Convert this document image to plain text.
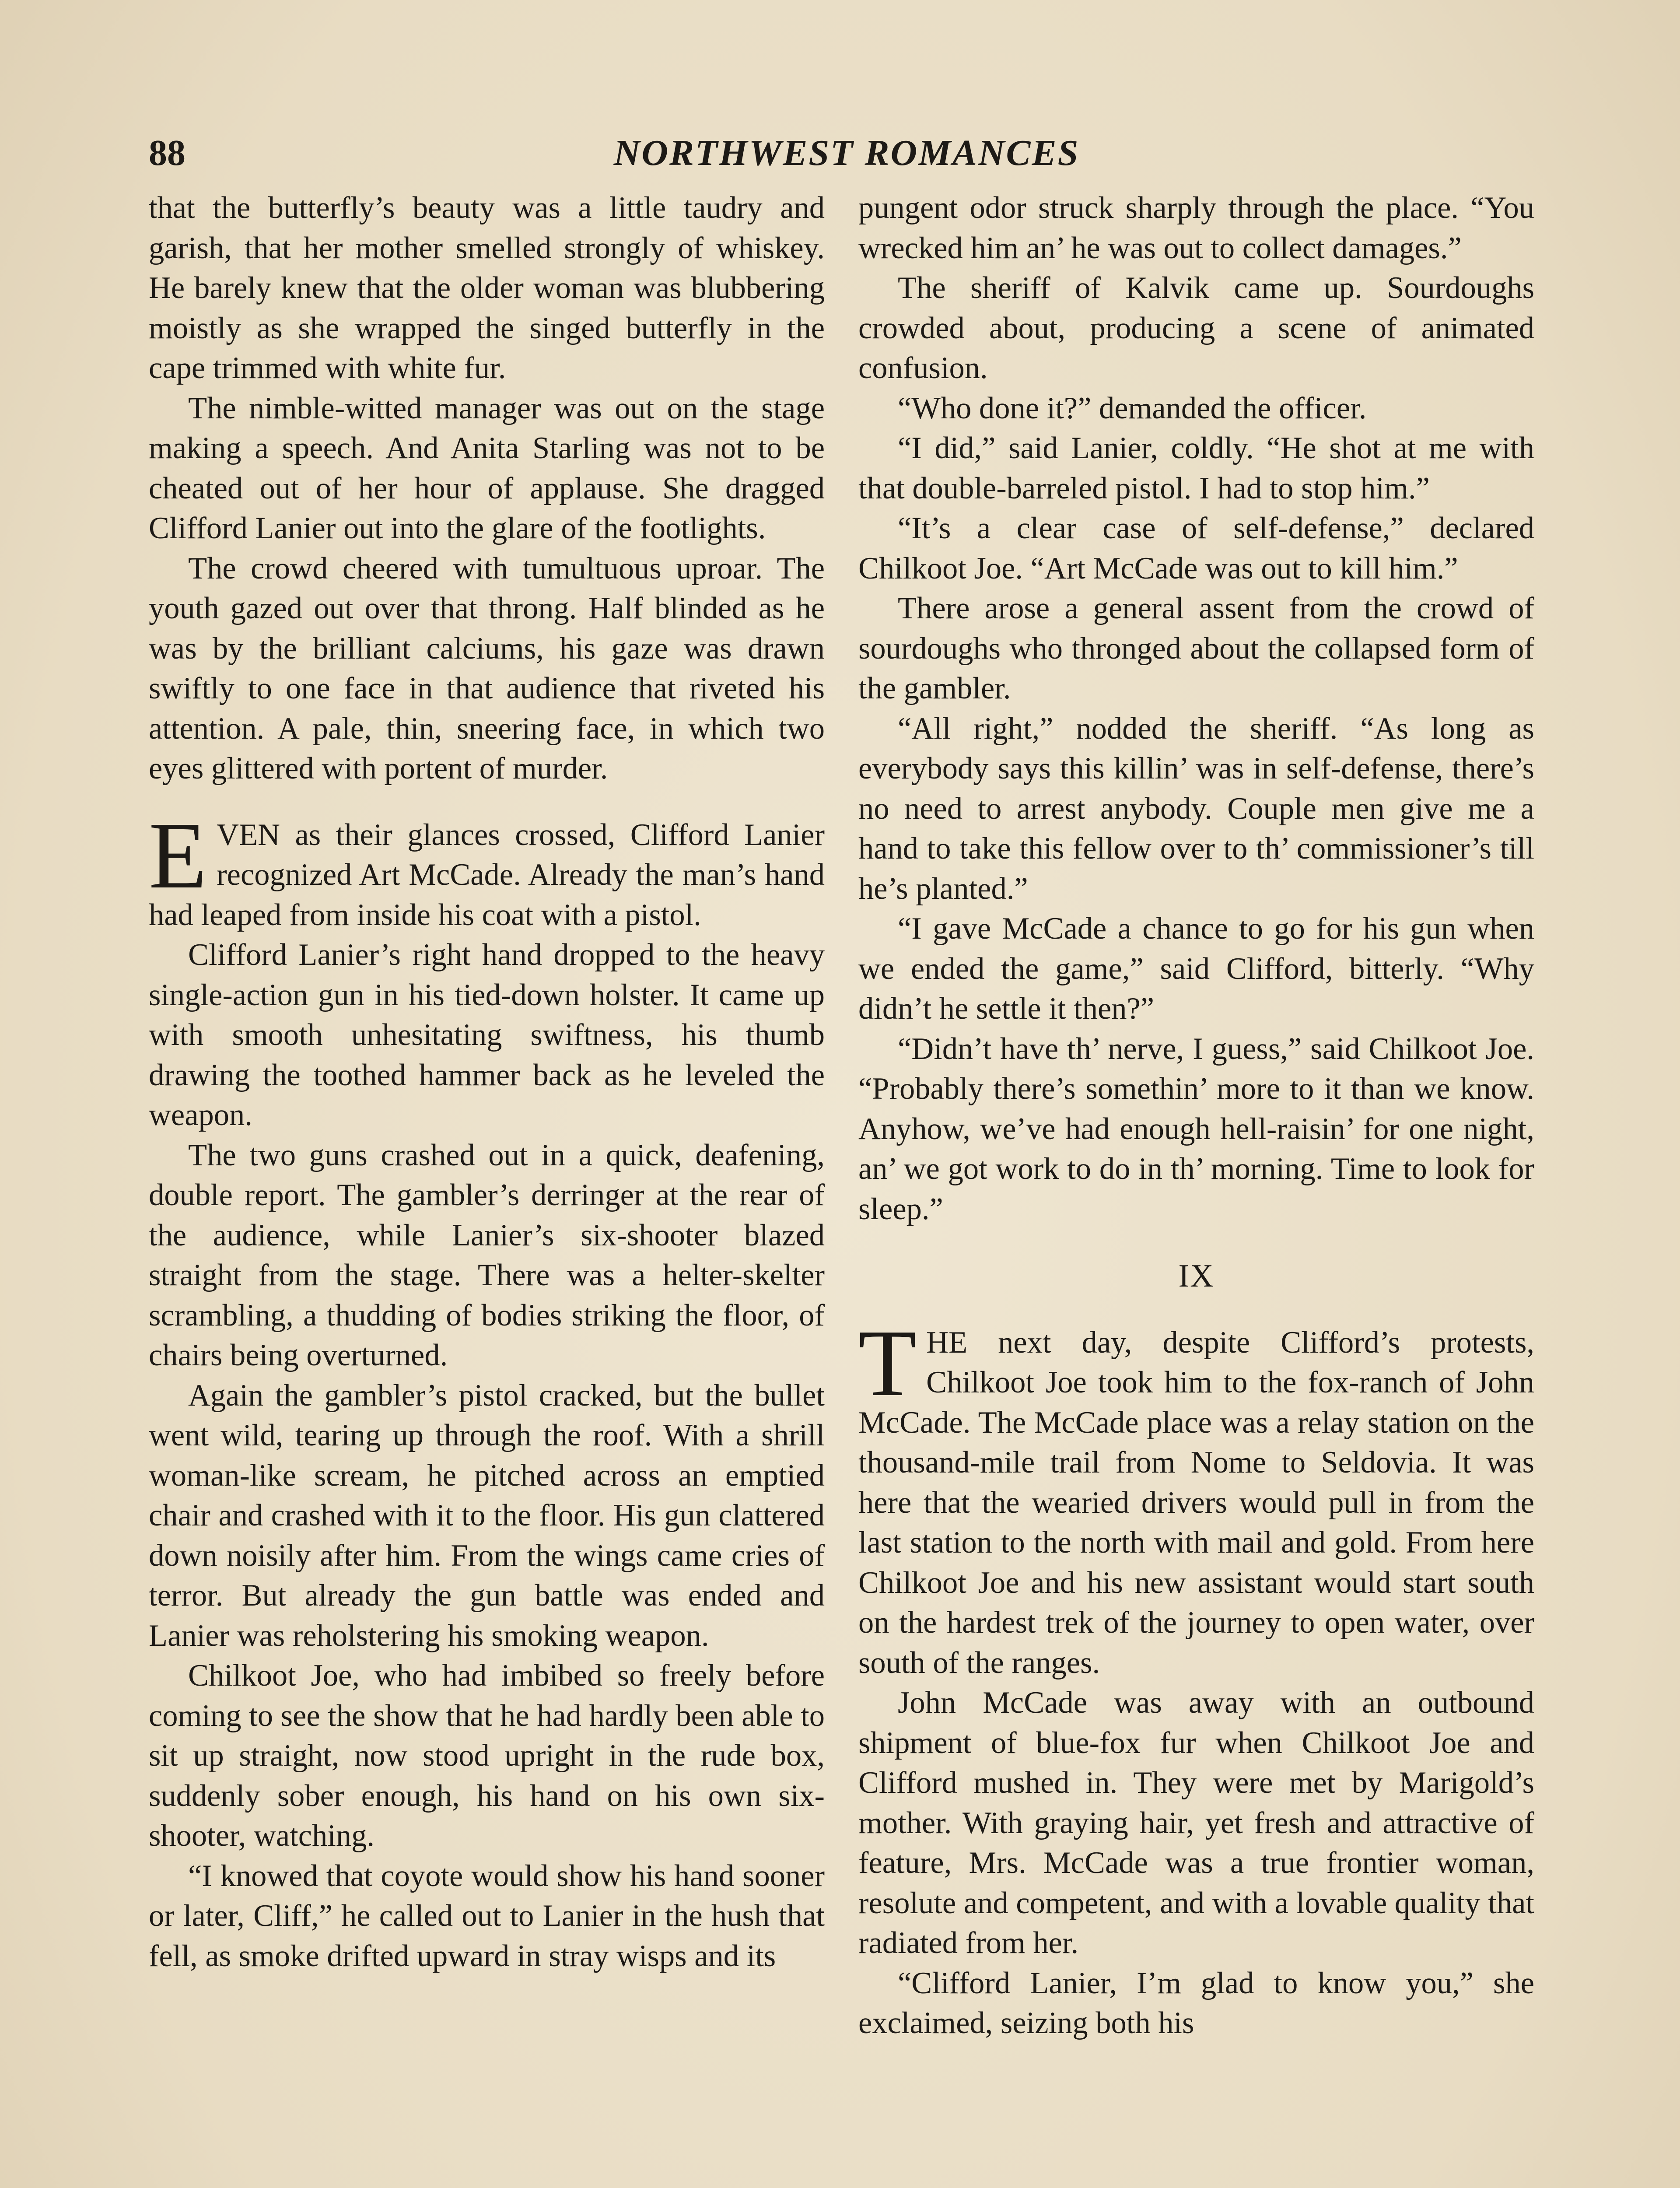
88	NORTHWEST ROMANCES

that the butterfly’s beauty was a little taudry and garish, that her mother smelled strongly of whiskey. He barely knew that the older woman was blubbering moistly as she wrapped the singed butterfly in the cape trimmed with white fur.

The nimble-witted manager was out on the stage making a speech. And Anita Starling was not to be cheated out of her hour of applause. She dragged Clifford Lanier out into the glare of the footlights.

The crowd cheered with tumultuous uproar. The youth gazed out over that throng. Half blinded as he was by the brilliant calciums, his gaze was drawn swiftly to one face in that audience that riveted his attention. A pale, thin, sneering face, in which two eyes glittered with portent of murder.

EVEN as their glances crossed, Clifford Lanier recognized Art McCade. Already the man’s hand had leaped from inside his coat with a pistol.

Clifford Lanier’s right hand dropped to the heavy single-action gun in his tied-down holster. It came up with smooth unhesitating swiftness, his thumb drawing the toothed hammer back as he leveled the weapon.

The two guns crashed out in a quick, deafening, double report. The gambler’s derringer at the rear of the audience, while Lanier’s six-shooter blazed straight from the stage. There was a helter-skelter scrambling, a thudding of bodies striking the floor, of chairs being overturned.

Again the gambler’s pistol cracked, but the bullet went wild, tearing up through the roof. With a shrill woman-like scream, he pitched across an emptied chair and crashed with it to the floor. His gun clattered down noisily after him. From the wings came cries of terror. But already the gun battle was ended and Lanier was reholstering his smoking weapon.

Chilkoot Joe, who had imbibed so freely before coming to see the show that he had hardly been able to sit up straight, now stood upright in the rude box, suddenly sober enough, his hand on his own six-shooter, watching.

“I knowed that coyote would show his hand sooner or later, Cliff,” he called out to Lanier in the hush that fell, as smoke drifted upward in stray wisps and its

pungent odor struck sharply through the place. “You wrecked him an’ he was out to collect damages.”

The sheriff of Kalvik came up. Sourdoughs crowded about, producing a scene of animated confusion.

“Who done it?” demanded the officer.

“I did,” said Lanier, coldly. “He shot at me with that double-barreled pistol. I had to stop him.”

“It’s a clear case of self-defense,” declared Chilkoot Joe. “Art McCade was out to kill him.”

There arose a general assent from the crowd of sourdoughs who thronged about the collapsed form of the gambler.

“All right,” nodded the sheriff. “As long as everybody says this killin’ was in self-defense, there’s no need to arrest anybody. Couple men give me a hand to take this fellow over to th’ commissioner’s till he’s planted.”

“I gave McCade a chance to go for his gun when we ended the game,” said Clifford, bitterly. “Why didn’t he settle it then?”

“Didn’t have th’ nerve, I guess,” said Chilkoot Joe. “Probably there’s somethin’ more to it than we know. Anyhow, we’ve had enough hell-raisin’ for one night, an’ we got work to do in th’ morning. Time to look for sleep.”

IX

THE next day, despite Clifford’s protests, Chilkoot Joe took him to the fox-ranch of John McCade. The McCade place was a relay station on the thousand-mile trail from Nome to Seldovia. It was here that the wearied drivers would pull in from the last station to the north with mail and gold. From here Chilkoot Joe and his new assistant would start south on the hardest trek of the journey to open water, over south of the ranges.

John McCade was away with an outbound shipment of blue-fox fur when Chilkoot Joe and Clifford mushed in. They were met by Marigold’s mother. With graying hair, yet fresh and attractive of feature, Mrs. McCade was a true frontier woman, resolute and competent, and with a lovable quality that radiated from her.

“Clifford Lanier, I’m glad to know you,” she exclaimed, seizing both his
